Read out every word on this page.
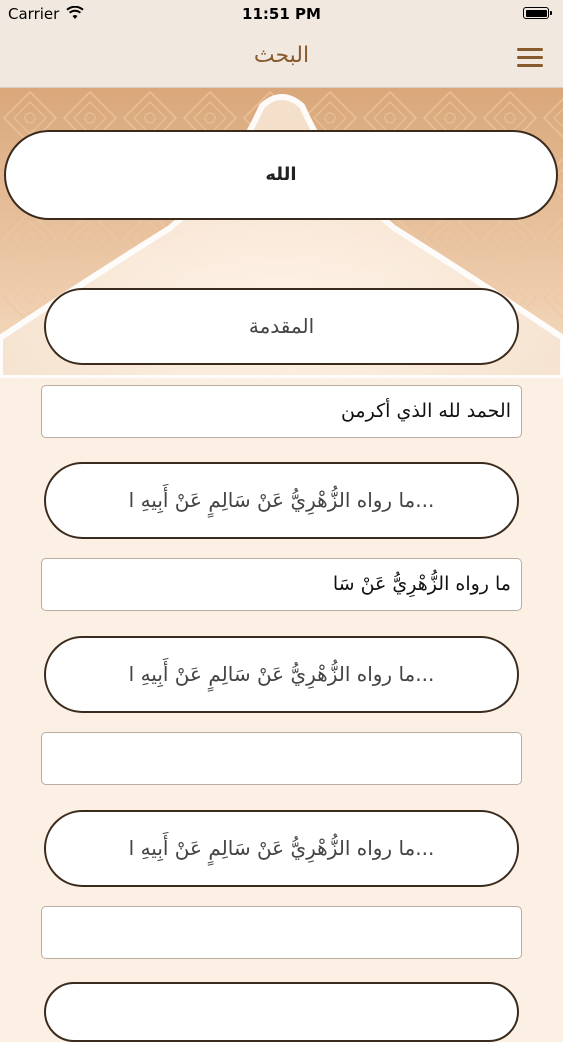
Carrier	11:51 PM
البحث
الله
المقدمة
الحمد لله الذي أكرمن
ما رواه الزُّهْرِيُّ عَنْ سَالِمٍ عَنْ أَبِيهِ ا...
ما رواه الزُّهْرِيُّ عَنْ سَا
ما رواه الزُّهْرِيُّ عَنْ سَالِمٍ عَنْ أَبِيهِ ا...
ما رواه الزُّهْرِيُّ عَنْ سَالِمٍ عَنْ أَبِيهِ ا...
